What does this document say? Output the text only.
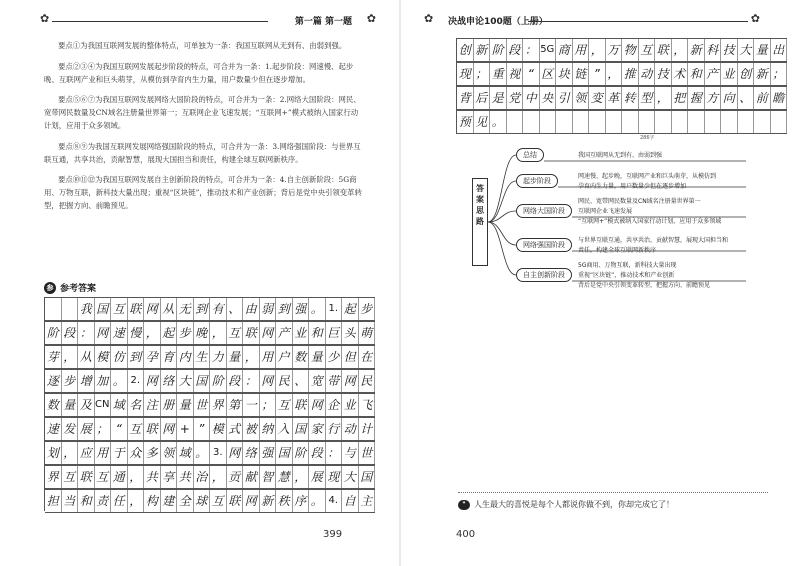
✿	第一篇 第一题 ✿

要点①为我国互联网发展的整体特点，可单独为一条：我国互联网从无到有、由弱到强。

要点②③④为我国互联网发展起步阶段的特点，可合并为一条：1.起步阶段：网速慢、起步晚、互联网产业和巨头萌芽，从模仿到孕育内生力量，用户数量少但在逐步增加。

要点⑤⑥⑦为我国互联网发展网络大国阶段的特点，可合并为一条：2.网络大国阶段：网民、宽带网民数量及CN域名注册量世界第一；互联网企业飞速发展；“互联网+”模式被纳入国家行动计划，应用于众多领域。

要点⑧⑨为我国互联网发展网络强国阶段的特点，可合并为一条：3.网络强国阶段：与世界互联互通，共享共治，贡献智慧，展现大国担当和责任，构建全球互联网新秩序。

要点⑩⑪⑫为我国互联网发展自主创新阶段的特点，可合并为一条：4.自主创新阶段：5G商用、万物互联，新科技大量出现；重视“区块链”，推动技术和产业创新；背后是党中央引领变革转型，把握方向、前瞻预见。

参 参考答案
我 国 互 联 网 从 无 到 有 、 由 弱 到 强 。 1. 起 步
阶 段 ： 网 速 慢 ， 起 步 晚 ， 互 联 网 产 业 和 巨 头 萌
芽 ， 从 模 仿 到 孕 育 内 生 力 量 ， 用 户 数 量 少 但 在
逐 步 增 加 。 2. 网 络 大 国 阶 段 ： 网 民 、 宽 带 网 民
数 量 及 CN 域 名 注 册 量 世 界 第 一 ； 互 联 网 企 业 飞
速 发 展 ； “ 互 联 网 + ” 模 式 被 纳 入 国 家 行 动 计
划 ， 应 用 于 众 多 领 域 。 3. 网 络 强 国 阶 段 ： 与 世
界 互 联 互 通 ， 共 享 共 治 ， 贡 献 智 慧 ， 展 现 大 国
担 当 和 责 任 ， 构 建 全 球 互 联 网 新 秩 序 。 4. 自 主
399
✿ 决战申论100题（上册）	✿
创 新 阶 段 ： 5G 商 用 ， 万 物 互 联 ， 新 科 技 大 量 出
现 ； 重 视 “ 区 块 链 ” ， 推 动 技 术 和 产 业 创 新 ；
背 后 是 党 中 央 引 领 变 革 转 型 ， 把 握 方 向 、 前 瞻
预 见 。
286字
答案思路
总结	我国互联网从无到有、由弱到强
起步阶段
网速慢、起步晚，互联网产业和巨头萌芽，从模仿到
孕育内生力量，用户数量少但在逐步增加
网络大国阶段
网民、宽带网民数量及CN域名注册量世界第一
互联网企业飞速发展
“互联网+”模式被纳入国家行动计划，应用于众多领域
网络强国阶段
与世界互联互通，共享共治，贡献智慧，展现大国担当和
责任，构建全球互联网新秩序
自主创新阶段
5G商用、万物互联，新科技大量出现
重视“区块链”，推动技术和产业创新
背后是党中央引领变革转型，把握方向、前瞻预见
❞	人生最大的喜悦是每个人都说你做不到，你却完成它了！
400
